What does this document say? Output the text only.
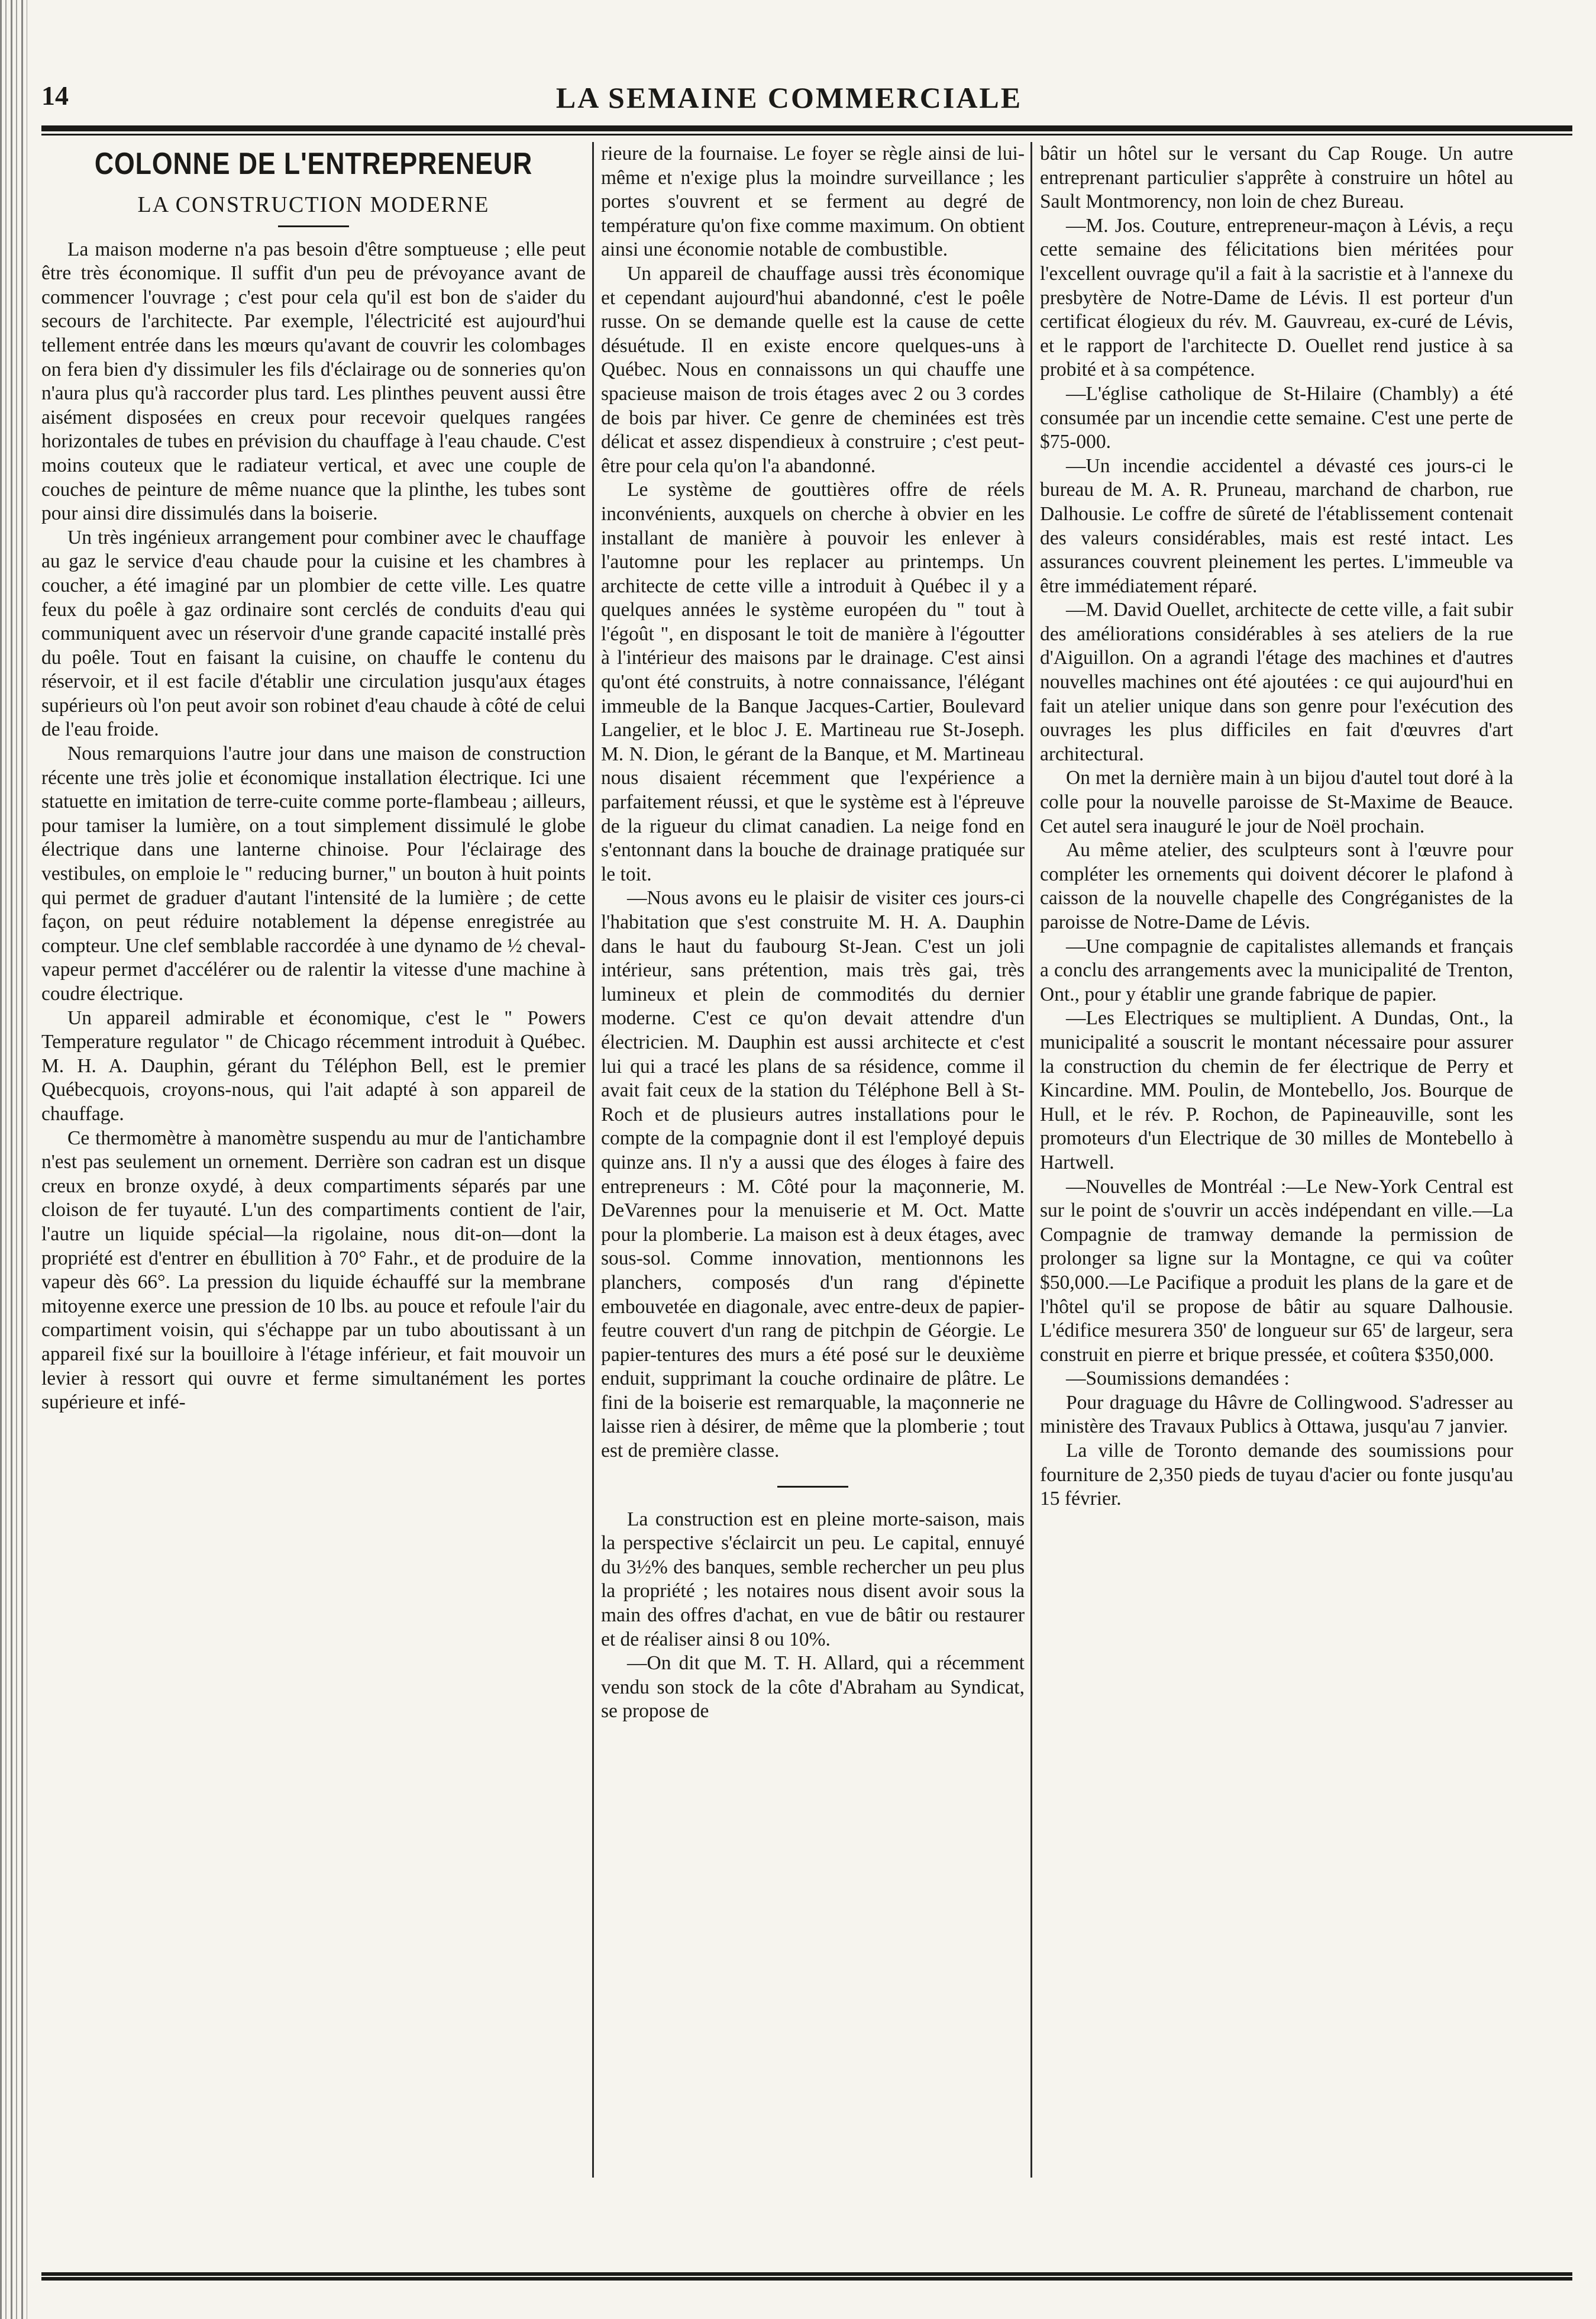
14	LA SEMAINE COMMERCIALE
COLONNE DE L'ENTREPRENEUR
LA CONSTRUCTION MODERNE

La maison moderne n'a pas besoin d'être somptueuse ; elle peut être très économique. Il suffit d'un peu de prévoyance avant de commencer l'ouvrage ; c'est pour cela qu'il est bon de s'aider du secours de l'architecte. Par exemple, l'électricité est aujourd'hui tellement entrée dans les mœurs qu'avant de couvrir les colombages on fera bien d'y dissimuler les fils d'éclairage ou de sonneries qu'on n'aura plus qu'à raccorder plus tard. Les plinthes peuvent aussi être aisément disposées en creux pour recevoir quelques rangées horizontales de tubes en prévision du chauffage à l'eau chaude. C'est moins couteux que le radiateur vertical, et avec une couple de couches de peinture de même nuance que la plinthe, les tubes sont pour ainsi dire dissimulés dans la boiserie.

Un très ingénieux arrangement pour combiner avec le chauffage au gaz le service d'eau chaude pour la cuisine et les chambres à coucher, a été imaginé par un plombier de cette ville. Les quatre feux du poêle à gaz ordinaire sont cerclés de conduits d'eau qui communiquent avec un réservoir d'une grande capacité installé près du poêle. Tout en faisant la cuisine, on chauffe le contenu du réservoir, et il est facile d'établir une circulation jusqu'aux étages supérieurs où l'on peut avoir son robinet d'eau chaude à côté de celui de l'eau froide.

Nous remarquions l'autre jour dans une maison de construction récente une très jolie et économique installation électrique. Ici une statuette en imitation de terre-cuite comme porte-flambeau ; ailleurs, pour tamiser la lumière, on a tout simplement dissimulé le globe électrique dans une lanterne chinoise. Pour l'éclairage des vestibules, on emploie le " reducing burner," un bouton à huit points qui permet de graduer d'autant l'intensité de la lumière ; de cette façon, on peut réduire notablement la dépense enregistrée au compteur. Une clef semblable raccordée à une dynamo de ½ cheval-vapeur permet d'accélérer ou de ralentir la vitesse d'une machine à coudre électrique.

Un appareil admirable et économique, c'est le " Powers Temperature regulator " de Chicago récemment introduit à Québec. M. H. A. Dauphin, gérant du Téléphon Bell, est le premier Québecquois, croyons-nous, qui l'ait adapté à son appareil de chauffage.

Ce thermomètre à manomètre suspendu au mur de l'antichambre n'est pas seulement un ornement. Derrière son cadran est un disque creux en bronze oxydé, à deux compartiments séparés par une cloison de fer tuyauté. L'un des compartiments contient de l'air, l'autre un liquide spécial—la rigolaine, nous dit-on—dont la propriété est d'entrer en ébullition à 70° Fahr., et de produire de la vapeur dès 66°. La pression du liquide échauffé sur la membrane mitoyenne exerce une pression de 10 lbs. au pouce et refoule l'air du compartiment voisin, qui s'échappe par un tubo aboutissant à un appareil fixé sur la bouilloire à l'étage inférieur, et fait mouvoir un levier à ressort qui ouvre et ferme simultanément les portes supérieure et infé-

rieure de la fournaise. Le foyer se règle ainsi de lui-même et n'exige plus la moindre surveillance ; les portes s'ouvrent et se ferment au degré de température qu'on fixe comme maximum. On obtient ainsi une économie notable de combustible.

Un appareil de chauffage aussi très économique et cependant aujourd'hui abandonné, c'est le poêle russe. On se demande quelle est la cause de cette désuétude. Il en existe encore quelques-uns à Québec. Nous en connaissons un qui chauffe une spacieuse maison de trois étages avec 2 ou 3 cordes de bois par hiver. Ce genre de cheminées est très délicat et assez dispendieux à construire ; c'est peut-être pour cela qu'on l'a abandonné.

Le système de gouttières offre de réels inconvénients, auxquels on cherche à obvier en les installant de manière à pouvoir les enlever à l'automne pour les replacer au printemps. Un architecte de cette ville a introduit à Québec il y a quelques années le système européen du " tout à l'égoût ", en disposant le toit de manière à l'égoutter à l'intérieur des maisons par le drainage. C'est ainsi qu'ont été construits, à notre connaissance, l'élégant immeuble de la Banque Jacques-Cartier, Boulevard Langelier, et le bloc J. E. Martineau rue St-Joseph. M. N. Dion, le gérant de la Banque, et M. Martineau nous disaient récemment que l'expérience a parfaitement réussi, et que le système est à l'épreuve de la rigueur du climat canadien. La neige fond en s'entonnant dans la bouche de drainage pratiquée sur le toit.

—Nous avons eu le plaisir de visiter ces jours-ci l'habitation que s'est construite M. H. A. Dauphin dans le haut du faubourg St-Jean. C'est un joli intérieur, sans prétention, mais très gai, très lumineux et plein de commodités du dernier moderne. C'est ce qu'on devait attendre d'un électricien. M. Dauphin est aussi architecte et c'est lui qui a tracé les plans de sa résidence, comme il avait fait ceux de la station du Téléphone Bell à St-Roch et de plusieurs autres installations pour le compte de la compagnie dont il est l'employé depuis quinze ans. Il n'y a aussi que des éloges à faire des entrepreneurs : M. Côté pour la maçonnerie, M. DeVarennes pour la menuiserie et M. Oct. Matte pour la plomberie. La maison est à deux étages, avec sous-sol. Comme innovation, mentionnons les planchers, composés d'un rang d'épinette embouvetée en diagonale, avec entre-deux de papier-feutre couvert d'un rang de pitchpin de Géorgie. Le papier-tentures des murs a été posé sur le deuxième enduit, supprimant la couche ordinaire de plâtre. Le fini de la boiserie est remarquable, la maçonnerie ne laisse rien à désirer, de même que la plomberie ; tout est de première classe.

La construction est en pleine morte-saison, mais la perspective s'éclaircit un peu. Le capital, ennuyé du 3½% des banques, semble rechercher un peu plus la propriété ; les notaires nous disent avoir sous la main des offres d'achat, en vue de bâtir ou restaurer et de réaliser ainsi 8 ou 10%.

—On dit que M. T. H. Allard, qui a récemment vendu son stock de la côte d'Abraham au Syndicat, se propose de

bâtir un hôtel sur le versant du Cap Rouge. Un autre entreprenant particulier s'apprête à construire un hôtel au Sault Montmorency, non loin de chez Bureau.

—M. Jos. Couture, entrepreneur-maçon à Lévis, a reçu cette semaine des félicitations bien méritées pour l'excellent ouvrage qu'il a fait à la sacristie et à l'annexe du presbytère de Notre-Dame de Lévis. Il est porteur d'un certificat élogieux du rév. M. Gauvreau, ex-curé de Lévis, et le rapport de l'architecte D. Ouellet rend justice à sa probité et à sa compétence.

—L'église catholique de St-Hilaire (Chambly) a été consumée par un incendie cette semaine. C'est une perte de $75-000.

—Un incendie accidentel a dévasté ces jours-ci le bureau de M. A. R. Pruneau, marchand de charbon, rue Dalhousie. Le coffre de sûreté de l'établissement contenait des valeurs considérables, mais est resté intact. Les assurances couvrent pleinement les pertes. L'immeuble va être immédiatement réparé.

—M. David Ouellet, architecte de cette ville, a fait subir des améliorations considérables à ses ateliers de la rue d'Aiguillon. On a agrandi l'étage des machines et d'autres nouvelles machines ont été ajoutées : ce qui aujourd'hui en fait un atelier unique dans son genre pour l'exécution des ouvrages les plus difficiles en fait d'œuvres d'art architectural.

On met la dernière main à un bijou d'autel tout doré à la colle pour la nouvelle paroisse de St-Maxime de Beauce. Cet autel sera inauguré le jour de Noël prochain.

Au même atelier, des sculpteurs sont à l'œuvre pour compléter les ornements qui doivent décorer le plafond à caisson de la nouvelle chapelle des Congréganistes de la paroisse de Notre-Dame de Lévis.

—Une compagnie de capitalistes allemands et français a conclu des arrangements avec la municipalité de Trenton, Ont., pour y établir une grande fabrique de papier.

—Les Electriques se multiplient. A Dundas, Ont., la municipalité a souscrit le montant nécessaire pour assurer la construction du chemin de fer électrique de Perry et Kincardine. MM. Poulin, de Montebello, Jos. Bourque de Hull, et le rév. P. Rochon, de Papineauville, sont les promoteurs d'un Electrique de 30 milles de Montebello à Hartwell.

—Nouvelles de Montréal :—Le New-York Central est sur le point de s'ouvrir un accès indépendant en ville.—La Compagnie de tramway demande la permission de prolonger sa ligne sur la Montagne, ce qui va coûter $50,000.—Le Pacifique a produit les plans de la gare et de l'hôtel qu'il se propose de bâtir au square Dalhousie. L'édifice mesurera 350' de longueur sur 65' de largeur, sera construit en pierre et brique pressée, et coûtera $350,000.

—Soumissions demandées :

Pour draguage du Hâvre de Collingwood. S'adresser au ministère des Travaux Publics à Ottawa, jusqu'au 7 janvier.

La ville de Toronto demande des soumissions pour fourniture de 2,350 pieds de tuyau d'acier ou fonte jusqu'au 15 février.
